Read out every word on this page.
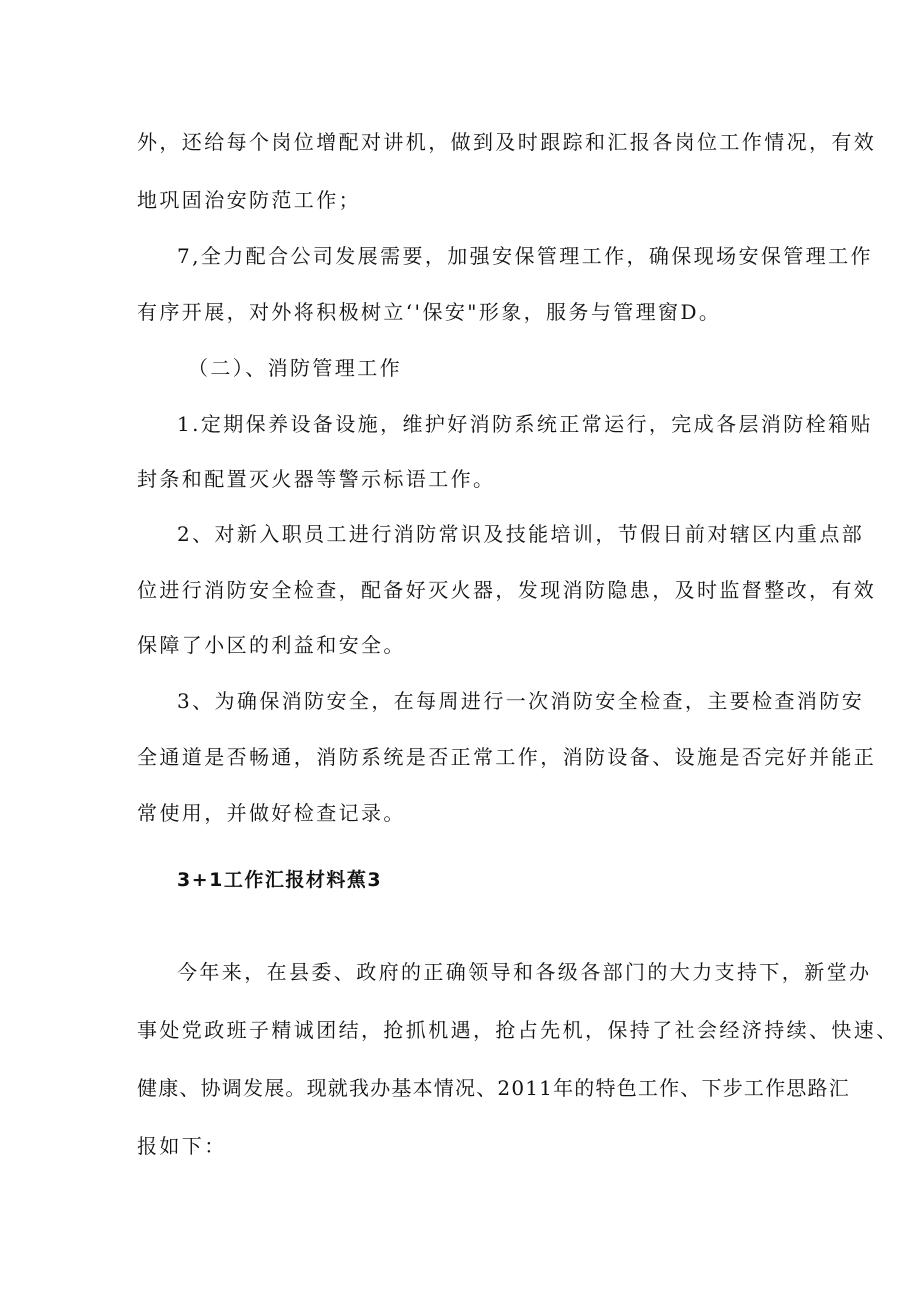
外，还给每个岗位增配对讲机，做到及时跟踪和汇报各岗位工作情况，有效
地巩固治安防范工作；
7,全力配合公司发展需要，加强安保管理工作，确保现场安保管理工作
有序开展，对外将积极树立‘'保安"形象，服务与管理窗D。
（二）、消防管理工作
1.定期保养设备设施，维护好消防系统正常运行，完成各层消防栓箱贴
封条和配置灭火器等警示标语工作。
2、对新入职员工进行消防常识及技能培训，节假日前对辖区内重点部
位进行消防安全检查，配备好灭火器，发现消防隐患，及时监督整改，有效
保障了小区的利益和安全。
3、为确保消防安全，在每周进行一次消防安全检查，主要检查消防安
全通道是否畅通，消防系统是否正常工作，消防设备、设施是否完好并能正
常使用，并做好检查记录。
3+1工作汇报材料蕉3
今年来，在县委、政府的正确领导和各级各部门的大力支持下，新堂办
事处党政班子精诚团结，抢抓机遇，抢占先机，保持了社会经济持续、快速、
健康、协调发展。现就我办基本情况、2011年的特色工作、下步工作思路汇
报如下：
